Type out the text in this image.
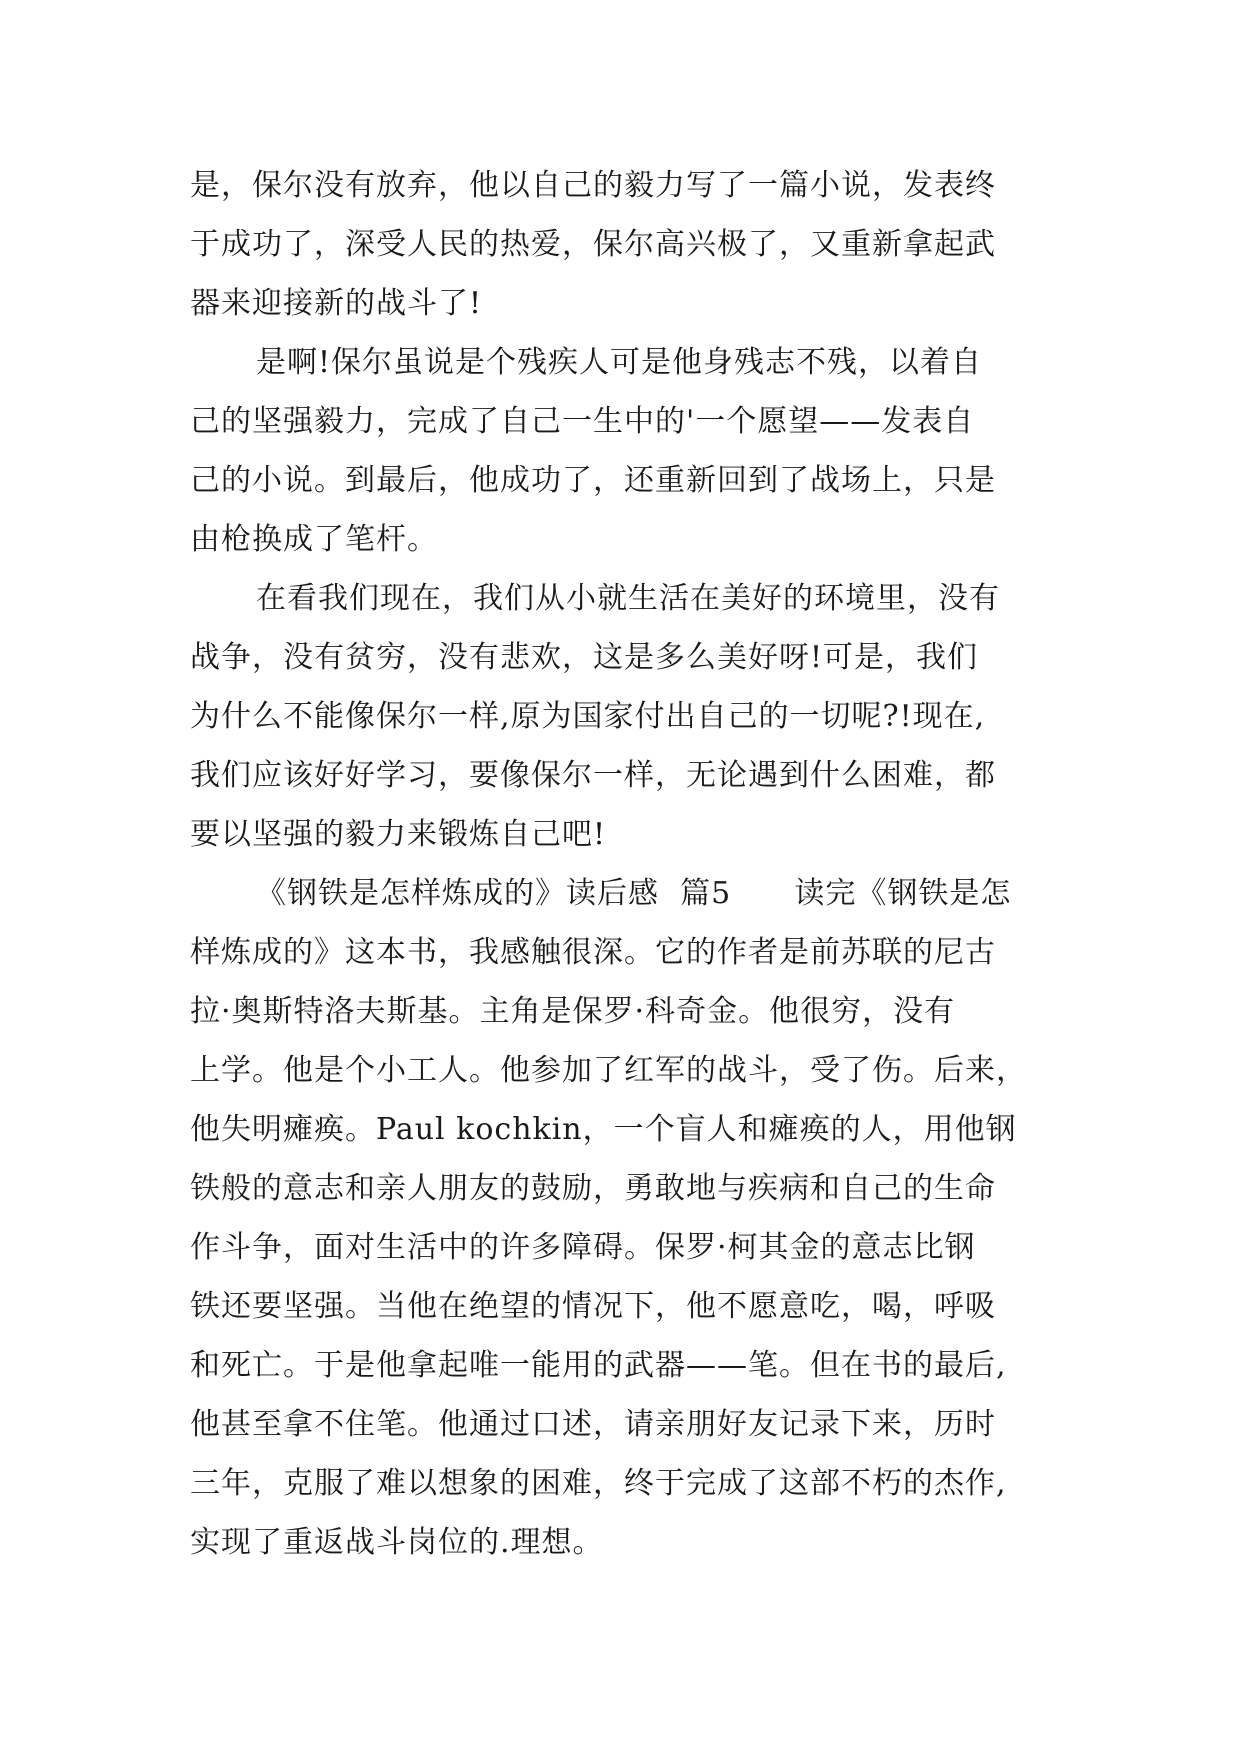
是，保尔没有放弃，他以自己的毅力写了一篇小说，发表终

于成功了，深受人民的热爱，保尔高兴极了，又重新拿起武

器来迎接新的战斗了!

是啊!保尔虽说是个残疾人可是他身残志不残，以着自

己的坚强毅力，完成了自己一生中的'一个愿望——发表自

己的小说。到最后，他成功了，还重新回到了战场上，只是

由枪换成了笔杆。

在看我们现在，我们从小就生活在美好的环境里，没有

战争，没有贫穷，没有悲欢，这是多么美好呀!可是，我们

为什么不能像保尔一样,原为国家付出自己的一切呢?!现在,

我们应该好好学习，要像保尔一样，无论遇到什么困难，都

要以坚强的毅力来锻炼自己吧!

《钢铁是怎样炼成的》读后感  篇5      读完《钢铁是怎

样炼成的》这本书，我感触很深。它的作者是前苏联的尼古

拉·奥斯特洛夫斯基。主角是保罗·科奇金。他很穷，没有

上学。他是个小工人。他参加了红军的战斗，受了伤。后来，

他失明瘫痪。Paul kochkin，一个盲人和瘫痪的人，用他钢

铁般的意志和亲人朋友的鼓励，勇敢地与疾病和自己的生命

作斗争，面对生活中的许多障碍。保罗·柯其金的意志比钢

铁还要坚强。当他在绝望的情况下，他不愿意吃，喝，呼吸

和死亡。于是他拿起唯一能用的武器——笔。但在书的最后,

他甚至拿不住笔。他通过口述，请亲朋好友记录下来，历时

三年，克服了难以想象的困难，终于完成了这部不朽的杰作,

实现了重返战斗岗位的.理想。
